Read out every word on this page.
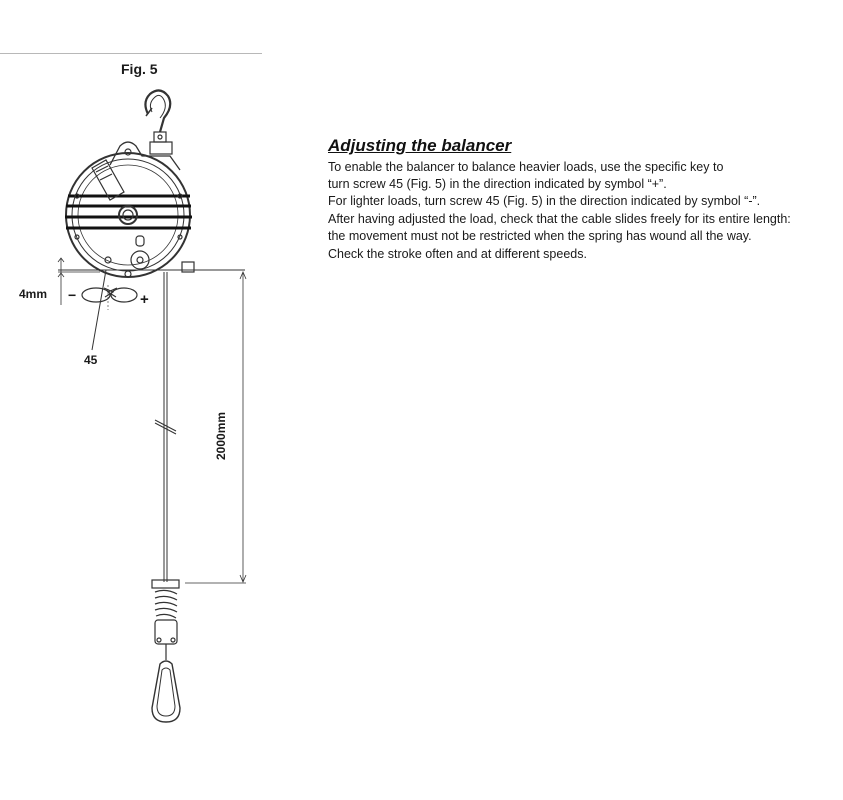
Fig. 5
4mm −	+
45
2000mm
Adjusting the balancer

To enable the balancer to balance heavier loads, use the specific key to

turn screw 45 (Fig. 5) in the direction indicated by symbol “+”.

For lighter loads, turn screw 45 (Fig. 5) in the direction indicated by symbol “-”.

After having adjusted the load, check that the cable slides freely for its entire length:

the movement must not be restricted when the spring has wound all the way.

Check the stroke often and at different speeds.
